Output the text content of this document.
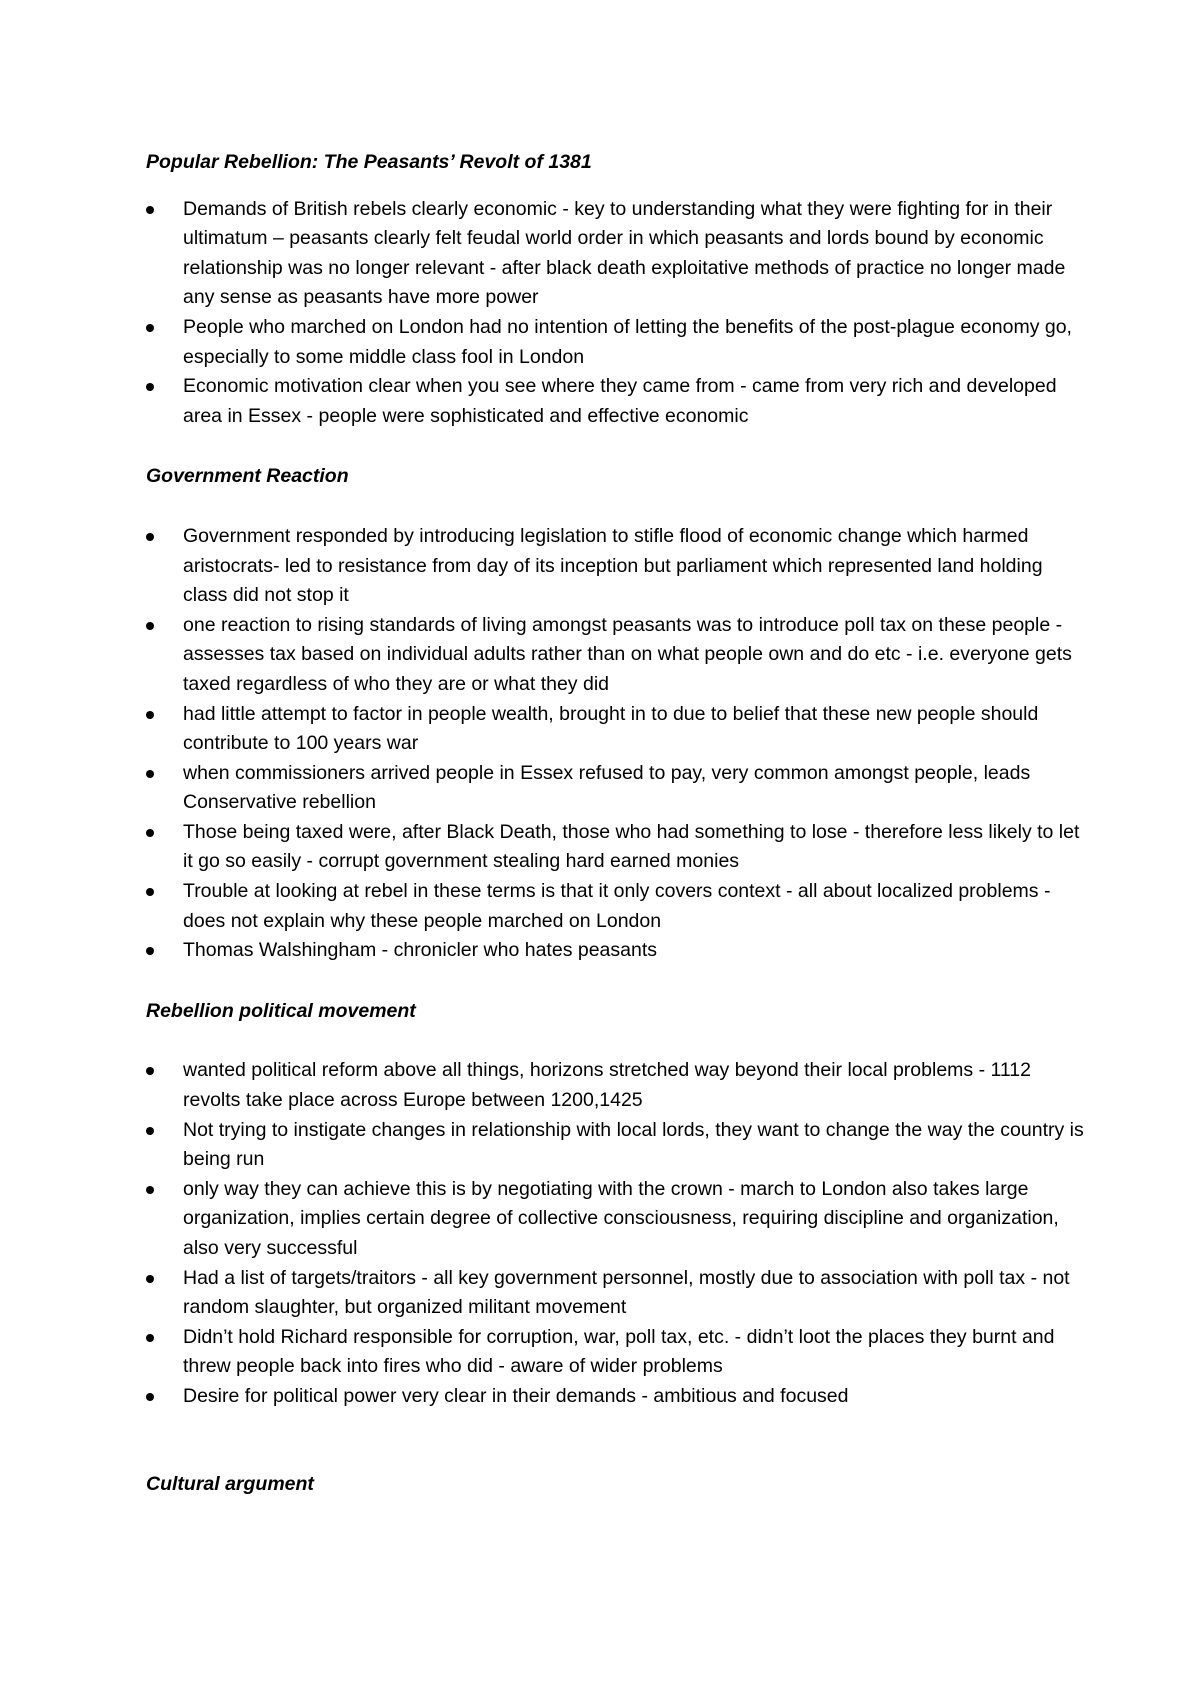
Popular Rebellion: The Peasants’ Revolt of 1381

Demands of British rebels clearly economic - key to understanding what they were fighting for in their ultimatum – peasants clearly felt feudal world order in which peasants and lords bound by economic relationship was no longer relevant - after black death exploitative methods of practice no longer made any sense as peasants have more power
People who marched on London had no intention of letting the benefits of the post-plague economy go, especially to some middle class fool in London
Economic motivation clear when you see where they came from - came from very rich and developed area in Essex - people were sophisticated and effective economic

Government Reaction

Government responded by introducing legislation to stifle flood of economic change which harmed aristocrats- led to resistance from day of its inception but parliament which represented land holding class did not stop it
one reaction to rising standards of living amongst peasants was to introduce poll tax on these people - assesses tax based on individual adults rather than on what people own and do etc - i.e. everyone gets taxed regardless of who they are or what they did
had little attempt to factor in people wealth, brought in to due to belief that these new people should contribute to 100 years war
when commissioners arrived people in Essex refused to pay, very common amongst people, leads Conservative rebellion
Those being taxed were, after Black Death, those who had something to lose - therefore less likely to let it go so easily - corrupt government stealing hard earned monies
Trouble at looking at rebel in these terms is that it only covers context - all about localized problems - does not explain why these people marched on London
Thomas Walshingham - chronicler who hates peasants

Rebellion political movement

wanted political reform above all things, horizons stretched way beyond their local problems - 1112 revolts take place across Europe between 1200,1425
Not trying to instigate changes in relationship with local lords, they want to change the way the country is being run
only way they can achieve this is by negotiating with the crown - march to London also takes large organization, implies certain degree of collective consciousness, requiring discipline and organization, also very successful
Had a list of targets/traitors - all key government personnel, mostly due to association with poll tax - not random slaughter, but organized militant movement
Didn’t hold Richard responsible for corruption, war, poll tax, etc. - didn’t loot the places they burnt and threw people back into fires who did - aware of wider problems
Desire for political power very clear in their demands - ambitious and focused

Cultural argument
